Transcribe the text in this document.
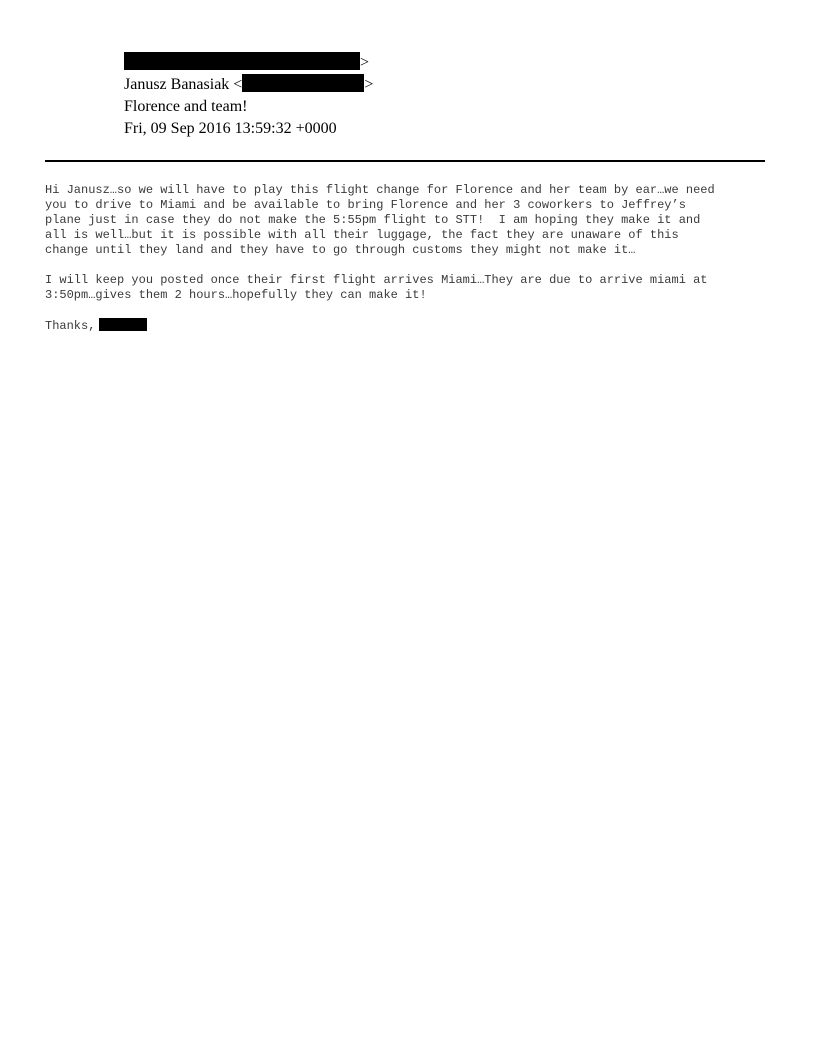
>
Janusz Banasiak <	>
Florence and team!
Fri, 09 Sep 2016 13:59:32 +0000

Hi Janusz…so we will have to play this flight change for Florence and her team by ear…we need
you to drive to Miami and be available to bring Florence and her 3 coworkers to Jeffrey’s
plane just in case they do not make the 5:55pm flight to STT!  I am hoping they make it and
all is well…but it is possible with all their luggage, the fact they are unaware of this
change until they land and they have to go through customs they might not make it…

I will keep you posted once their first flight arrives Miami…They are due to arrive miami at
3:50pm…gives them 2 hours…hopefully they can make it!

Thanks,
